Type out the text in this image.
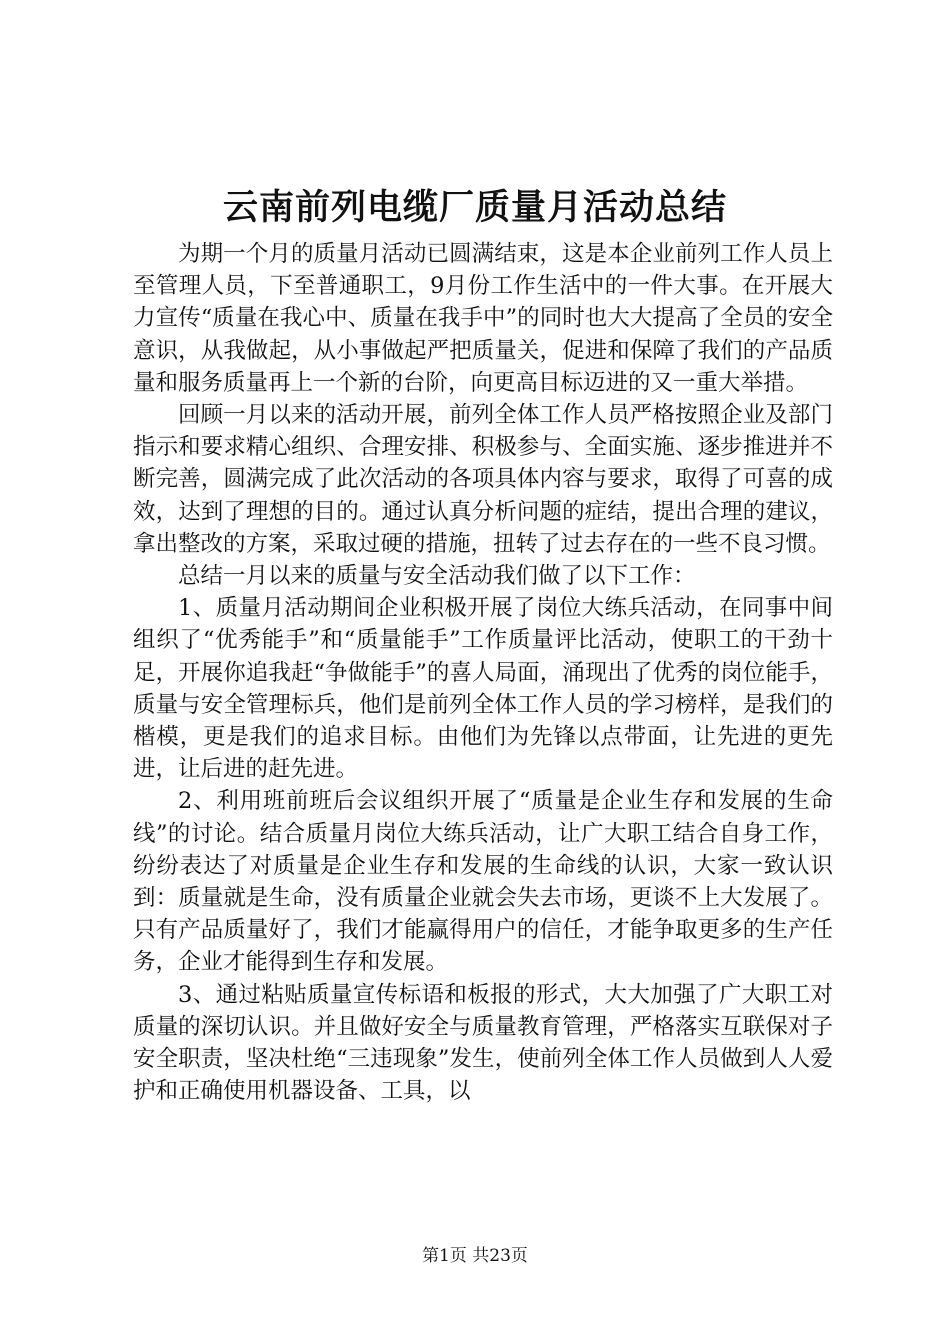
云南前列电缆厂质量月活动总结

为期一个月的质量月活动已圆满结束，这是本企业前列工作人员上至管理人员，下至普通职工，9月份工作生活中的一件大事。在开展大力宣传“质量在我心中、质量在我手中”的同时也大大提高了全员的安全意识，从我做起，从小事做起严把质量关，促进和保障了我们的产品质量和服务质量再上一个新的台阶，向更高目标迈进的又一重大举措。

回顾一月以来的活动开展，前列全体工作人员严格按照企业及部门指示和要求精心组织、合理安排、积极参与、全面实施、逐步推进并不断完善，圆满完成了此次活动的各项具体内容与要求，取得了可喜的成效，达到了理想的目的。通过认真分析问题的症结，提出合理的建议，拿出整改的方案，采取过硬的措施，扭转了过去存在的一些不良习惯。

总结一月以来的质量与安全活动我们做了以下工作：

1、质量月活动期间企业积极开展了岗位大练兵活动，在同事中间组织了“优秀能手”和“质量能手”工作质量评比活动，使职工的干劲十足，开展你追我赶“争做能手”的喜人局面，涌现出了优秀的岗位能手，质量与安全管理标兵，他们是前列全体工作人员的学习榜样，是我们的楷模，更是我们的追求目标。由他们为先锋以点带面，让先进的更先进，让后进的赶先进。

2、利用班前班后会议组织开展了“质量是企业生存和发展的生命线”的讨论。结合质量月岗位大练兵活动，让广大职工结合自身工作，纷纷表达了对质量是企业生存和发展的生命线的认识，大家一致认识到：质量就是生命，没有质量企业就会失去市场，更谈不上大发展了。只有产品质量好了，我们才能赢得用户的信任，才能争取更多的生产任务，企业才能得到生存和发展。

3、通过粘贴质量宣传标语和板报的形式，大大加强了广大职工对质量的深切认识。并且做好安全与质量教育管理，严格落实互联保对子安全职责，坚决杜绝“三违现象”发生，使前列全体工作人员做到人人爱护和正确使用机器设备、工具，以

第1页 共23页
